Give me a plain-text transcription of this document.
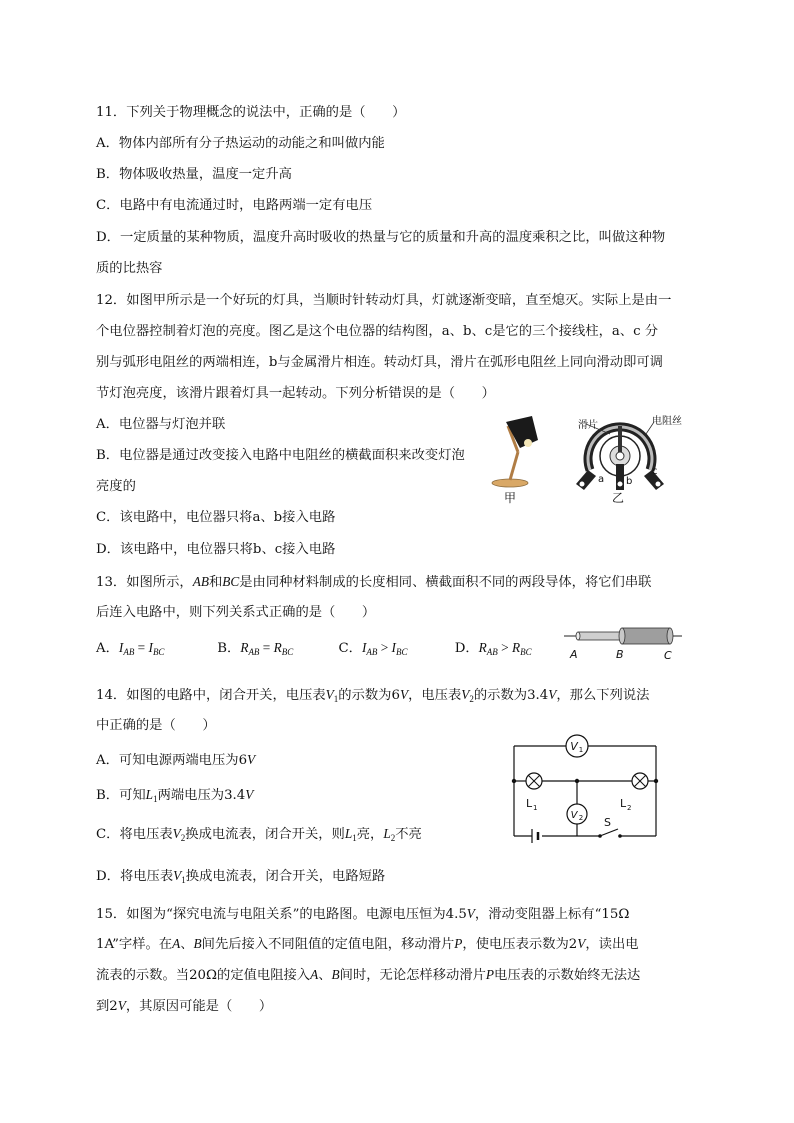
11．下列关于物理概念的说法中，正确的是（　　）
A．物体内部所有分子热运动的动能之和叫做内能
B．物体吸收热量，温度一定升高
C．电路中有电流通过时，电路两端一定有电压
D．一定质量的某种物质，温度升高时吸收的热量与它的质量和升高的温度乘积之比，叫做这种物
质的比热容
12．如图甲所示是一个好玩的灯具，当顺时针转动灯具，灯就逐渐变暗，直至熄灭。实际上是由一
个电位器控制着灯泡的亮度。图乙是这个电位器的结构图，a、b、c是它的三个接线柱，a、c 分
别与弧形电阻丝的两端相连，b与金属滑片相连。转动灯具，滑片在弧形电阻丝上同向滑动即可调
节灯泡亮度，该滑片跟着灯具一起转动。下列分析错误的是（　　）
A．电位器与灯泡并联
B．电位器是通过改变接入电路中电阻丝的横截面积来改变灯泡
亮度的
C．该电路中，电位器只将a、b接入电路
D．该电路中，电位器只将b、c接入电路
甲
滑片	电阻丝
a b
c
乙
13．如图所示，AB和BC是由同种材料制成的长度相同、横截面积不同的两段导体，将它们串联
后连入电路中，则下列关系式正确的是（　　）
A．$I_{AB} = I_{BC}$	B．$R_{AB} = R_{BC}$	C．$I_{AB} > I_{BC}$	D．$R_{AB} > R_{BC}$	A	B	C
14．如图的电路中，闭合开关，电压表$V_1$的示数为6V，电压表$V_2$的示数为3.4V，那么下列说法
中正确的是（　　）
A．可知电源两端电压为6V
B．可知$L_1$两端电压为3.4V
C．将电压表$V_2$换成电流表，闭合开关，则$L_1$亮，$L_2$不亮
D．将电压表$V_1$换成电流表，闭合开关，电路短路
V 1
L 1	L 2
V 2 S
15．如图为“探究电流与电阻关系”的电路图。电源电压恒为4.5V，滑动变阻器上标有“15Ω
1A”字样。在A、B间先后接入不同阻值的定值电阻，移动滑片P，使电压表示数为2V，读出电
流表的示数。当20Ω的定值电阻接入A、B间时，无论怎样移动滑片P电压表的示数始终无法达
到2V，其原因可能是（　　）
